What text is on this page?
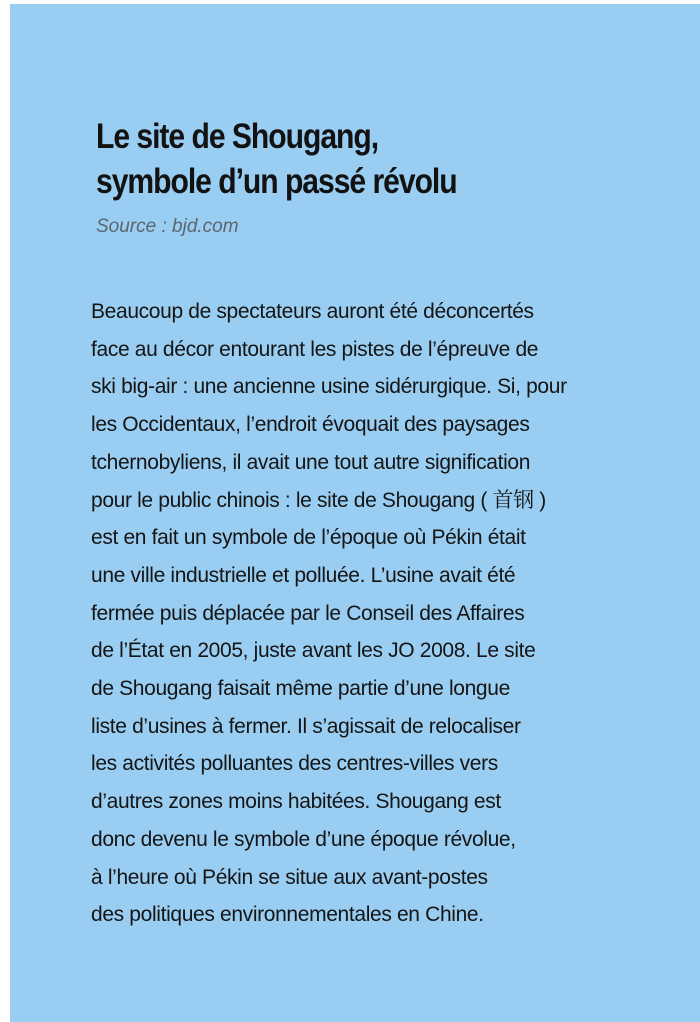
Le site de Shougang,
symbole d’un passé révolu

Source : bjd.com

Beaucoup de spectateurs auront été déconcertés
face au décor entourant les pistes de l’épreuve de
ski big-air : une ancienne usine sidérurgique. Si, pour
les Occidentaux, l’endroit évoquait des paysages
tchernobyliens, il avait une tout autre signification
pour le public chinois : le site de Shougang ( 首钢 )
est en fait un symbole de l’époque où Pékin était
une ville industrielle et polluée. L’usine avait été
fermée puis déplacée par le Conseil des Affaires
de l’État en 2005, juste avant les JO 2008. Le site
de Shougang faisait même partie d’une longue
liste d’usines à fermer. Il s’agissait de relocaliser
les activités polluantes des centres-villes vers
d’autres zones moins habitées. Shougang est
donc devenu le symbole d’une époque révolue,
à l’heure où Pékin se situe aux avant-postes
des politiques environnementales en Chine.
